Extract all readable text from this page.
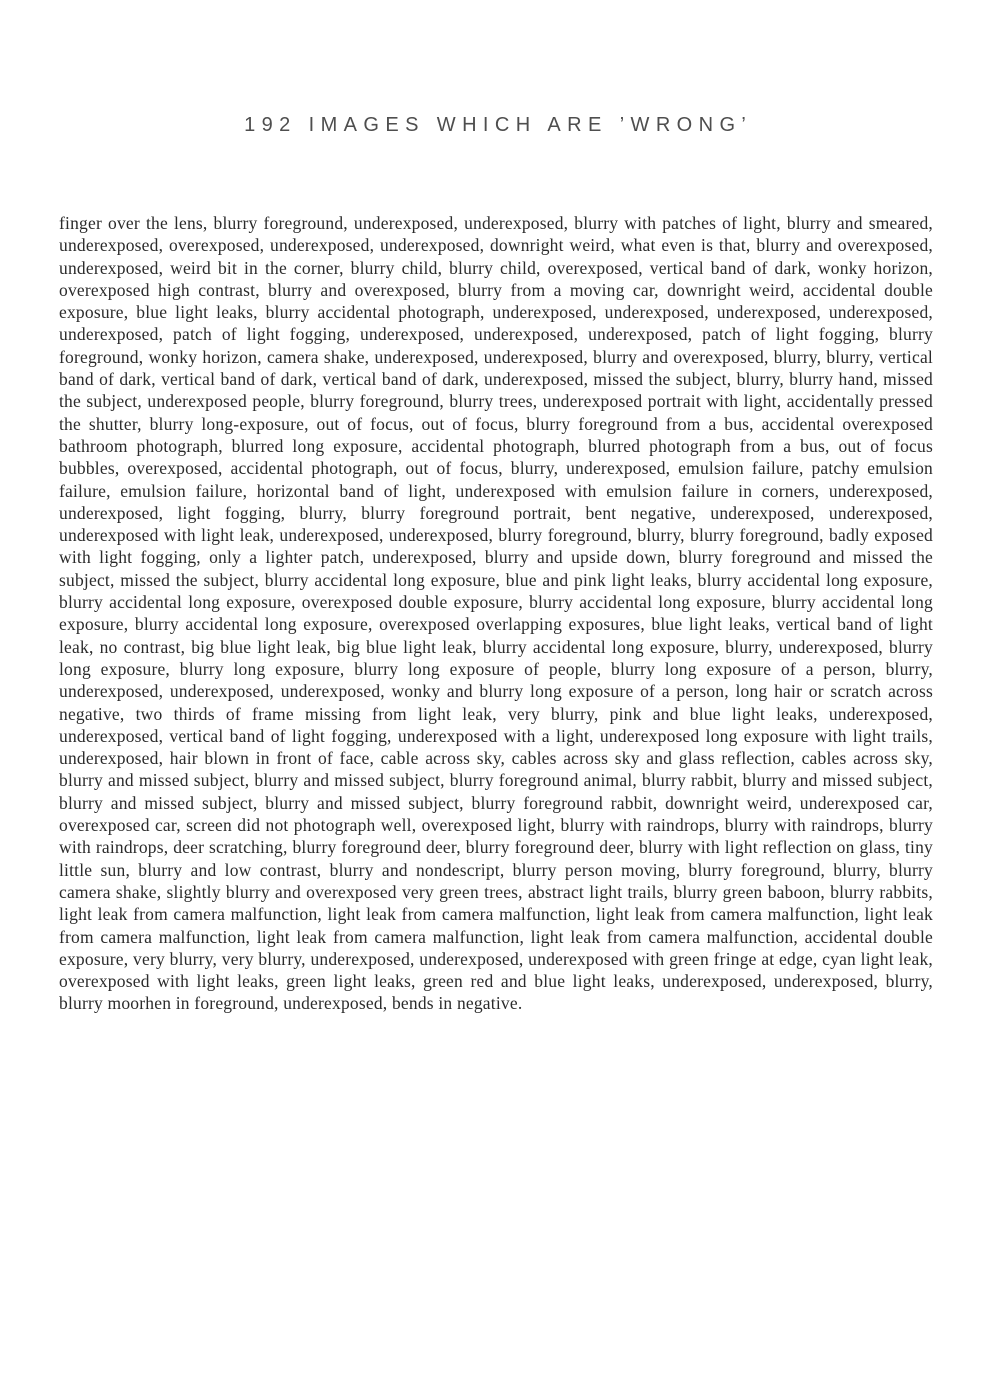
192 IMAGES WHICH ARE ’WRONG’

finger over the lens, blurry foreground, underexposed, underexposed, blurry with patches of light, blurry and smeared, underexposed, overexposed, underexposed, underexposed, downright weird, what even is that, blurry and overexposed, underexposed, weird bit in the corner, blurry child, blurry child, overexposed, vertical band of dark, wonky horizon, overexposed high contrast, blurry and overexposed, blurry from a moving car, downright weird, accidental double exposure, blue light leaks, blurry accidental photograph, underexposed, underexposed, underexposed, underexposed, underexposed, patch of light fogging, underexposed, underexposed, underexposed, patch of light fogging, blurry foreground, wonky horizon, camera shake, underexposed, underexposed, blurry and overexposed, blurry, blurry, vertical band of dark, vertical band of dark, vertical band of dark, underexposed, missed the subject, blurry, blurry hand, missed the subject, underexposed people, blurry foreground, blurry trees, underexposed portrait with light, accidentally pressed the shutter, blurry long-exposure, out of focus, out of focus, blurry foreground from a bus, accidental overexposed bathroom photograph, blurred long exposure, accidental photograph, blurred photograph from a bus, out of focus bubbles, overexposed, accidental photograph, out of focus, blurry, underexposed, emulsion failure, patchy emulsion failure, emulsion failure, horizontal band of light, underexposed with emulsion failure in corners, underexposed, underexposed, light fogging, blurry, blurry foreground portrait, bent negative, underexposed, underexposed, underexposed with light leak, underexposed, underexposed, blurry foreground, blurry, blurry foreground, badly exposed with light fogging, only a lighter patch, underexposed, blurry and upside down, blurry foreground and missed the subject, missed the subject, blurry accidental long exposure, blue and pink light leaks, blurry accidental long exposure, blurry accidental long exposure, overexposed double exposure, blurry accidental long exposure, blurry accidental long exposure, blurry accidental long exposure, overexposed overlapping exposures, blue light leaks, vertical band of light leak, no contrast, big blue light leak, big blue light leak, blurry accidental long exposure, blurry, underexposed, blurry long exposure, blurry long exposure, blurry long exposure of people, blurry long exposure of a person, blurry, underexposed, underexposed, underexposed, wonky and blurry long exposure of a person, long hair or scratch across negative, two thirds of frame missing from light leak, very blurry, pink and blue light leaks, underexposed, underexposed, vertical band of light fogging, underexposed with a light, underexposed long exposure with light trails, underexposed, hair blown in front of face, cable across sky, cables across sky and glass reflection, cables across sky, blurry and missed subject, blurry and missed subject, blurry foreground animal, blurry rabbit, blurry and missed subject, blurry and missed subject, blurry and missed subject, blurry foreground rabbit, downright weird, underexposed car, overexposed car, screen did not photograph well, overexposed light, blurry with raindrops, blurry with raindrops, blurry with raindrops, deer scratching, blurry foreground deer, blurry foreground deer, blurry with light reflection on glass, tiny little sun, blurry and low contrast, blurry and nondescript, blurry person moving, blurry foreground, blurry, blurry camera shake, slightly blurry and overexposed very green trees, abstract light trails, blurry green baboon, blurry rabbits, light leak from camera malfunction, light leak from camera malfunction, light leak from camera malfunction, light leak from camera malfunction, light leak from camera malfunction, light leak from camera malfunction, accidental double exposure, very blurry, very blurry, underexposed, underexposed, underexposed with green fringe at edge, cyan light leak, overexposed with light leaks, green light leaks, green red and blue light leaks, underexposed, underexposed, blurry, blurry moorhen in foreground, underexposed, bends in negative.
